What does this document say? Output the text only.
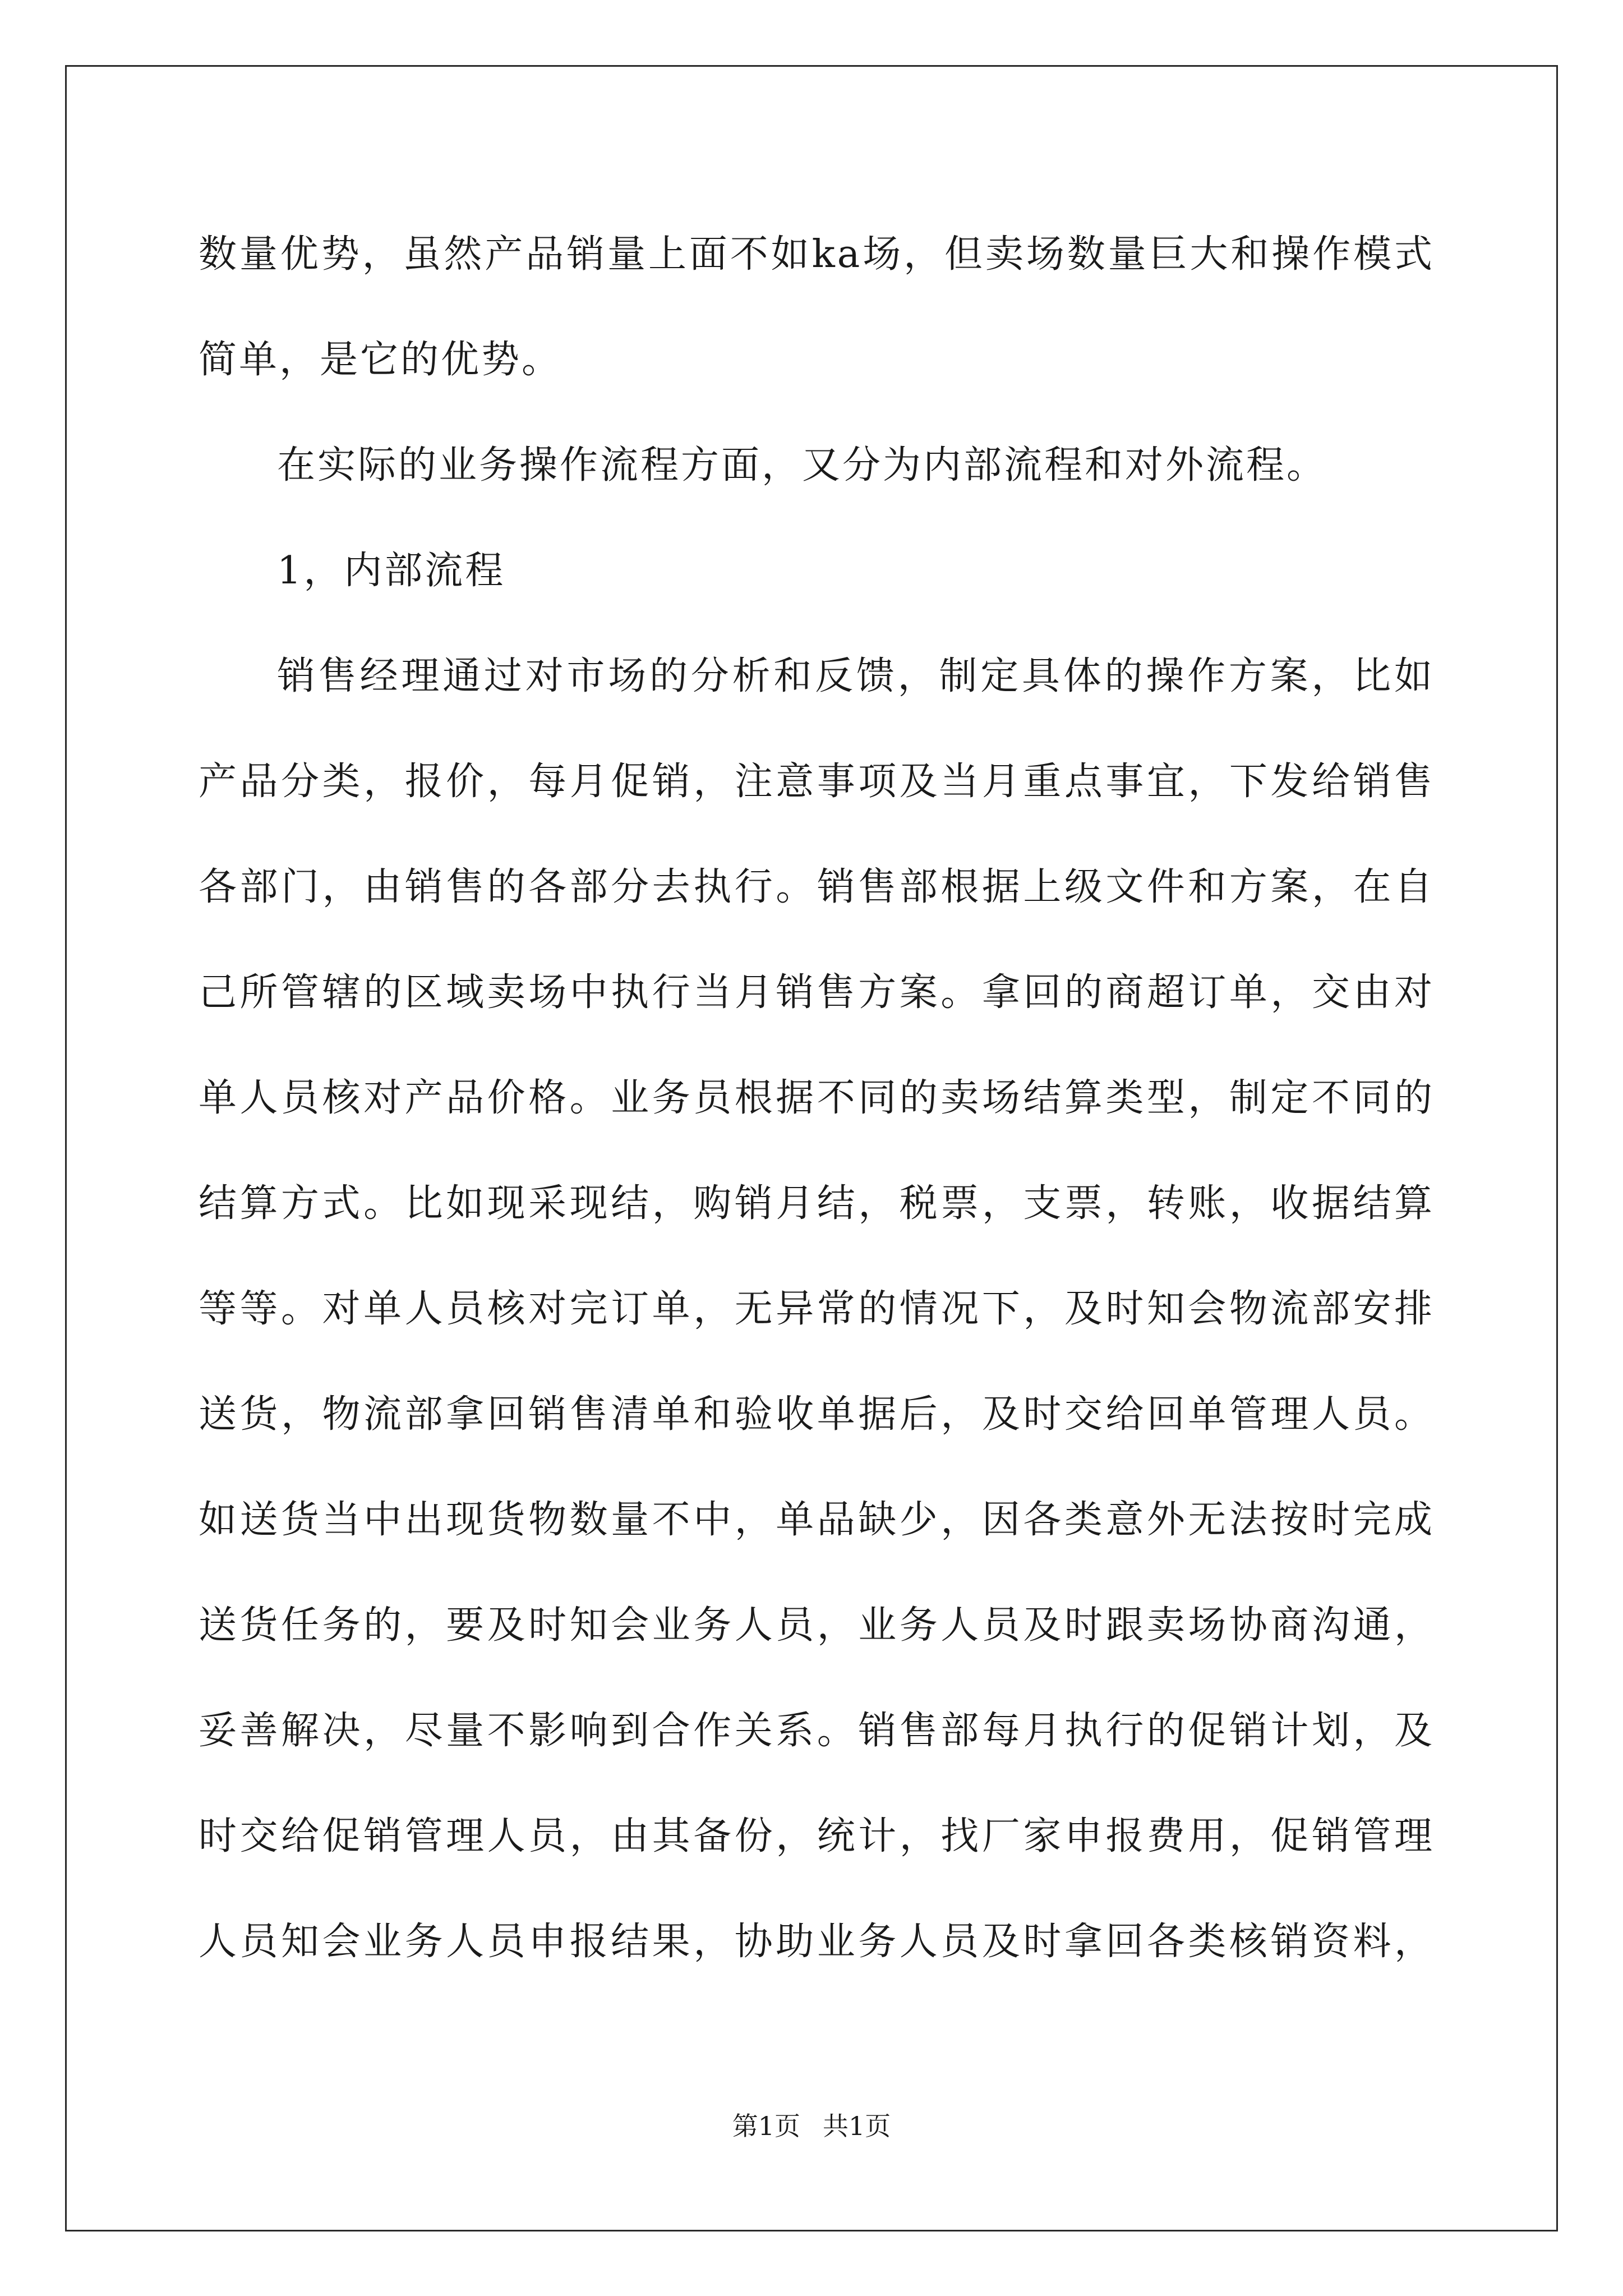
数量优势，虽然产品销量上面不如ka场，但卖场数量巨大和操作模式
简单，是它的优势。
在实际的业务操作流程方面，又分为内部流程和对外流程。
1，内部流程
销售经理通过对市场的分析和反馈，制定具体的操作方案，比如
产品分类，报价，每月促销，注意事项及当月重点事宜，下发给销售
各部门，由销售的各部分去执行。销售部根据上级文件和方案，在自
己所管辖的区域卖场中执行当月销售方案。拿回的商超订单，交由对
单人员核对产品价格。业务员根据不同的卖场结算类型，制定不同的
结算方式。比如现采现结，购销月结，税票，支票，转账，收据结算
等等。对单人员核对完订单，无异常的情况下，及时知会物流部安排
送货，物流部拿回销售清单和验收单据后，及时交给回单管理人员。
如送货当中出现货物数量不中，单品缺少，因各类意外无法按时完成
送货任务的，要及时知会业务人员，业务人员及时跟卖场协商沟通，
妥善解决，尽量不影响到合作关系。销售部每月执行的促销计划，及
时交给促销管理人员，由其备份，统计，找厂家申报费用，促销管理
人员知会业务人员申报结果，协助业务人员及时拿回各类核销资料，
第1页 共1页
